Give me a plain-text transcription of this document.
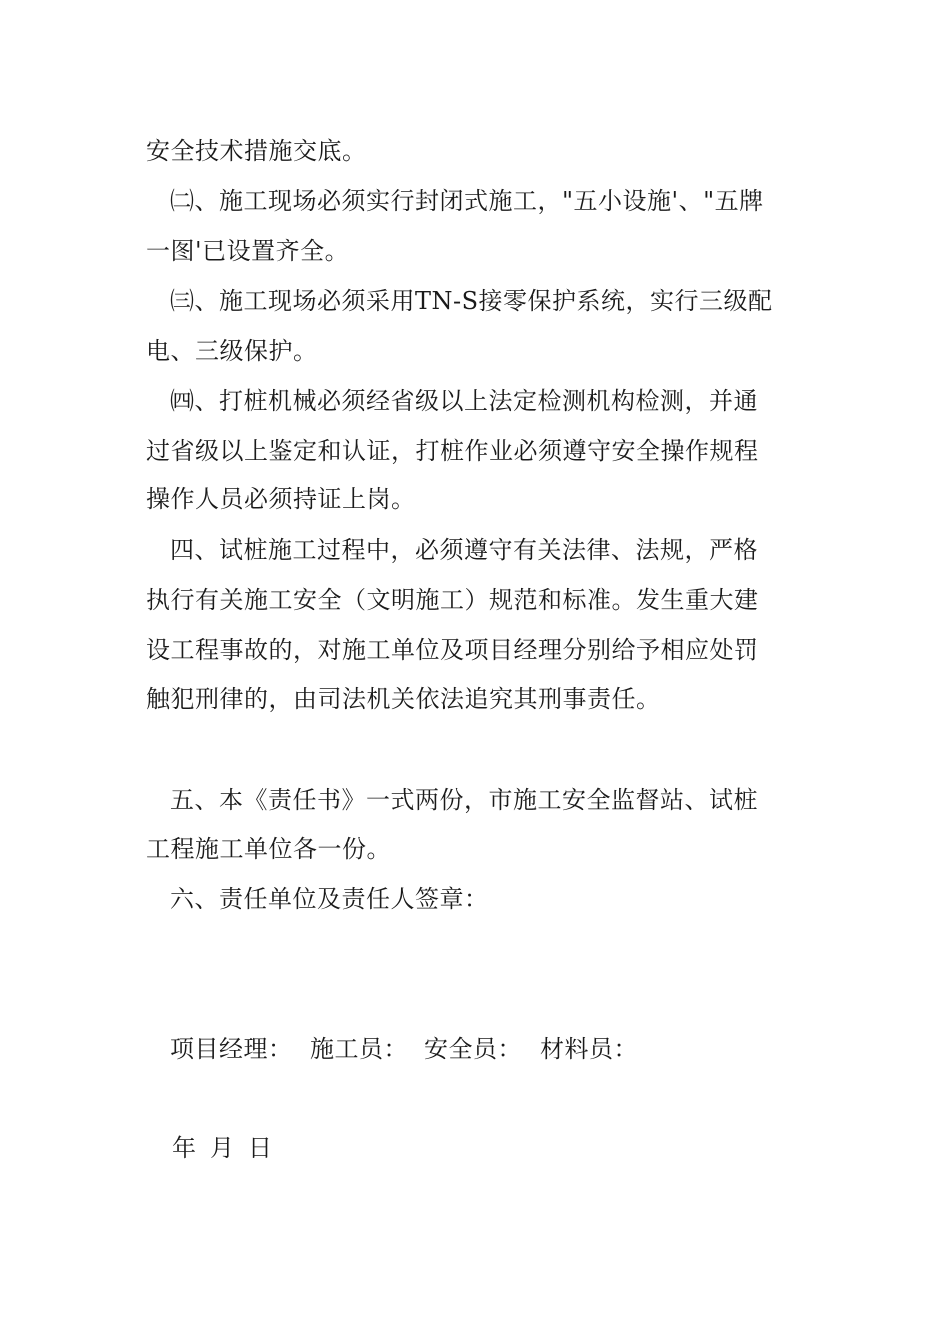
安全技术措施交底。
㈡、施工现场必须实行封闭式施工，"五小设施'、"五牌
一图'已设置齐全。
㈢、施工现场必须采用TN-S接零保护系统，实行三级配
电、三级保护。
㈣、打桩机械必须经省级以上法定检测机构检测，并通
过省级以上鉴定和认证，打桩作业必须遵守安全操作规程
操作人员必须持证上岗。
四、试桩施工过程中，必须遵守有关法律、法规，严格
执行有关施工安全（文明施工）规范和标准。发生重大建
设工程事故的，对施工单位及项目经理分别给予相应处罚
触犯刑律的，由司法机关依法追究其刑事责任。
五、本《责任书》一式两份，市施工安全监督站、试桩
工程施工单位各一份。
六、责任单位及责任人签章：
项目经理： 施工员： 安全员： 材料员：
年 月 日
